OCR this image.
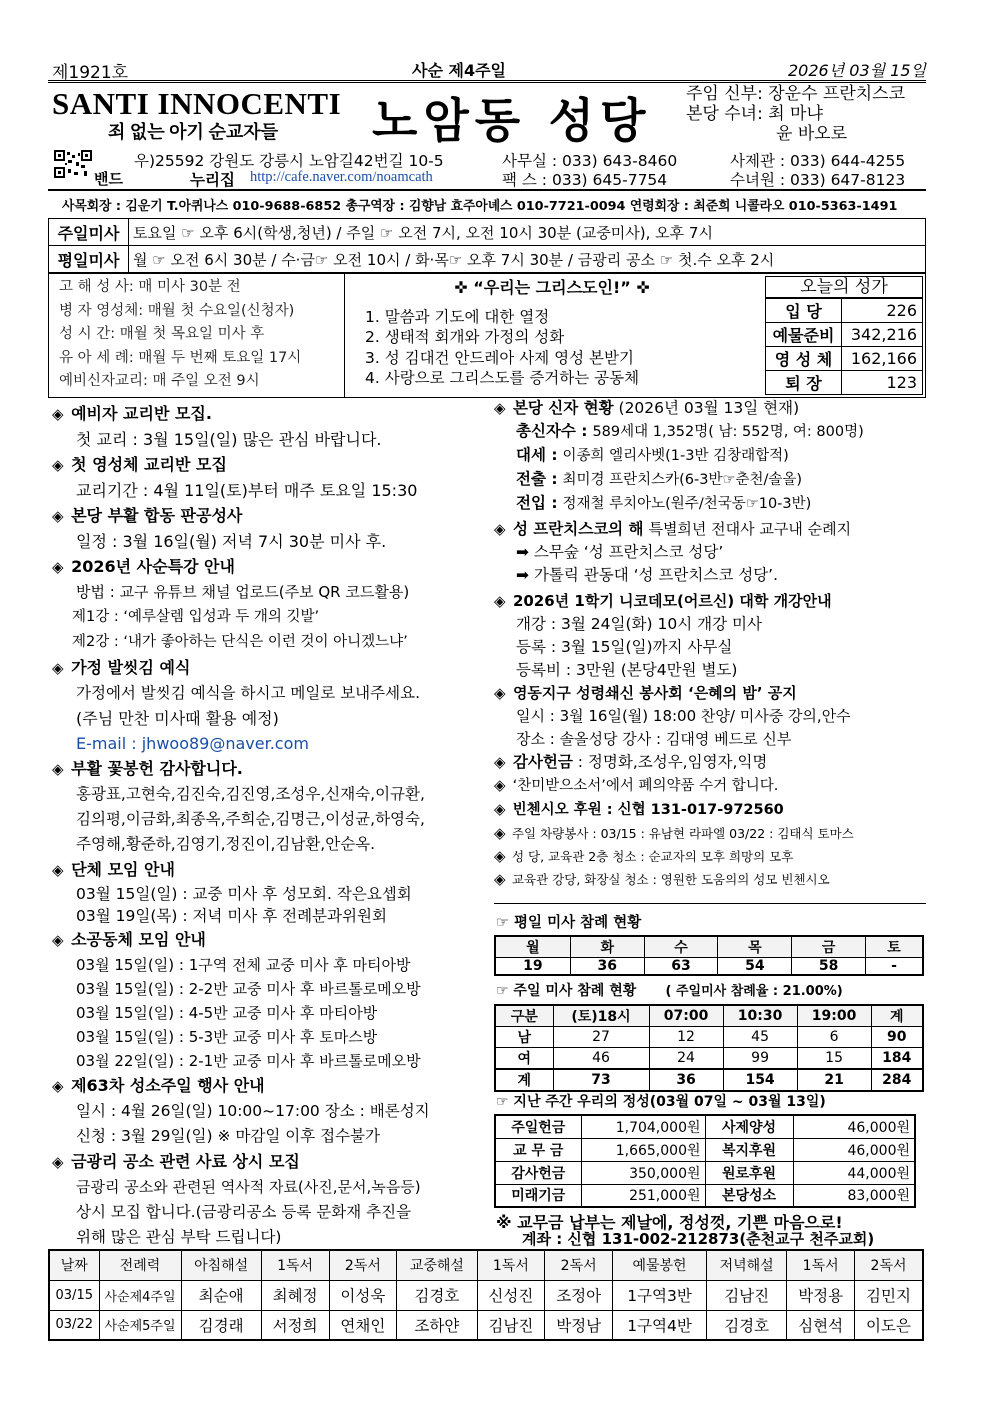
제1921호	사순 제4주일	2026년 03월 15일
SANTI INNOCENTI
죄 없는 아기 순교자들 노암동 성당 주임 신부: 장운수 프란치스코
본당 수녀: 최 마냐
윤 바오로
밴드
우)25592 강원도 강릉시 노암길42번길 10-5
누리집 http://cafe.naver.com/noamcath
사무실 : 033) 643-8460
팩 스 : 033) 645-7754
사제관 : 033) 644-4255
수녀원 : 033) 647-8123
사목회장 : 김운기 T.아퀴나스 010-9688-6852 총구역장 : 김향남 효주아녜스 010-7721-0094 연령회장 : 최준희 니콜라오 010-5363-1491
주일미사	토요일 ☞ 오후 6시(학생,청년) / 주일 ☞ 오전 7시, 오전 10시 30분 (교중미사), 오후 7시
평일미사	월 ☞ 오전 6시 30분 / 수·금☞ 오전 10시 / 화·목☞ 오후 7시 30분 / 금광리 공소 ☞ 첫.수 오후 2시
고 해 성 사: 매 미사 30분 전
병 자 영성체: 매월 첫 수요일(신청자)
성 시 간: 매월 첫 목요일 미사 후
유 아 세 례: 매월 두 번째 토요일 17시
예비신자교리: 매 주일 오전 9시
✜ “우리는 그리스도인!” ✜
1. 말씀과 기도에 대한 열정
2. 생태적 회개와 가정의 성화
3. 성 김대건 안드레아 사제 영성 본받기
4. 사랑으로 그리스도를 증거하는 공동체
오늘의 성가
입 당	226
예물준비	342,216
영 성 체	162,166
퇴 장	123
◈ 예비자 교리반 모집.
첫 교리 : 3월 15일(일) 많은 관심 바랍니다.
◈ 첫 영성체 교리반 모집
교리기간 : 4월 11일(토)부터 매주 토요일 15:30
◈ 본당 부활 합동 판공성사
일정 : 3월 16일(월) 저녁 7시 30분 미사 후.
◈ 2026년 사순특강 안내
방법 : 교구 유튜브 채널 업로드(주보 QR 코드활용)
제1강 : ‘예루살렘 입성과 두 개의 깃발’
제2강 : ‘내가 좋아하는 단식은 이런 것이 아니겠느냐’
◈ 가정 발씻김 예식
가정에서 발씻김 예식을 하시고 메일로 보내주세요.
(주님 만찬 미사때 활용 예정)
E-mail : jhwoo89@naver.com
◈ 부활 꽃봉헌 감사합니다.
홍광표,고현숙,김진숙,김진영,조성우,신재숙,이규환,
김의평,이금화,최종옥,주희순,김명근,이성균,하영숙,
주영해,황준하,김영기,정진이,김남환,안순옥.
◈ 단체 모임 안내
03월 15일(일) : 교중 미사 후 성모회. 작은요셉회
03월 19일(목) : 저녁 미사 후 전례분과위원회
◈ 소공동체 모임 안내
03월 15일(일) : 1구역 전체 교중 미사 후 마티아방
03월 15일(일) : 2-2반 교중 미사 후 바르톨로메오방
03월 15일(일) : 4-5반 교중 미사 후 마티아방
03월 15일(일) : 5-3반 교중 미사 후 토마스방
03월 22일(일) : 2-1반 교중 미사 후 바르톨로메오방
◈ 제63차 성소주일 행사 안내
일시 : 4월 26일(일) 10:00~17:00 장소 : 배론성지
신청 : 3월 29일(일) ※ 마감일 이후 접수불가
◈ 금광리 공소 관련 사료 상시 모집
금광리 공소와 관련된 역사적 자료(사진,문서,녹음등)
상시 모집 합니다.(금광리공소 등록 문화재 추진을
위해 많은 관심 부탁 드립니다)
◈ 본당 신자 현황 (2026년 03월 13일 현재)
총신자수 : 589세대 1,352명( 남: 552명, 여: 800명)
대세 : 이종희 엘리사벳(1-3반 김창래합적)
전출 : 최미경 프란치스카(6-3반☞춘천/솔올)
전입 : 정재철 루치아노(원주/천국동☞10-3반)
◈ 성 프란치스코의 해 특별희년 전대사 교구내 순례지
➡ 스무숲 ‘성 프란치스코 성당’
➡ 가톨릭 관동대 ‘성 프란치스코 성당’.
◈ 2026년 1학기 니코데모(어르신) 대학 개강안내
개강 : 3월 24일(화) 10시 개강 미사
등록 : 3월 15일(일)까지 사무실
등록비 : 3만원 (본당4만원 별도)
◈ 영동지구 성령쇄신 봉사회 ‘은혜의 밤’ 공지
일시 : 3월 16일(월) 18:00 찬양/ 미사중 강의,안수
장소 : 솔올성당 강사 : 김대영 베드로 신부
◈ 감사헌금 : 정명화,조성우,임영자,익명
◈ ‘찬미받으소서’에서 폐의약품 수거 합니다.
◈ 빈첸시오 후원 : 신협 131-017-972560
◈ 주일 차량봉사 : 03/15 : 유남현 라파엘 03/22 : 김태식 토마스
◈ 성 당, 교육관 2층 청소 : 순교자의 모후 희망의 모후
◈ 교육관 강당, 화장실 청소 : 영원한 도움의의 성모 빈첸시오
☞ 평일 미사 참례 현황
월	화	수	목	금	토
19	36	63	54	58	-
☞ 주일 미사 참례 현황 ( 주일미사 참례율 : 21.00%)
구분	(토)18시	07:00	10:30	19:00	계
남	27	12	45	6	90
여	46	24	99	15	184
계	73	36	154	21	284
☞ 지난 주간 우리의 정성(03월 07일 ~ 03월 13일)
주일헌금	1,704,000원	사제양성	46,000원
교 무 금	1,665,000원	복지후원	46,000원
감사헌금	350,000원	원로후원	44,000원
미래기금	251,000원	본당성소	83,000원
※ 교무금 납부는 제날에, 정성껏, 기쁜 마음으로!
계좌 : 신협 131-002-212873(춘천교구 천주교회)
날짜	전례력	아침해설	1독서	2독서	교중해설	1독서	2독서	예물봉헌	저녁해설	1독서	2독서
03/15	사순제4주일	최순애	최혜정	이성욱	김경호	신성진	조정아	1구역3반	김남진	박정용	김민지
03/22	사순제5주일	김경래	서정희	연채인	조하얀	김남진	박정남	1구역4반	김경호	심현석	이도은
